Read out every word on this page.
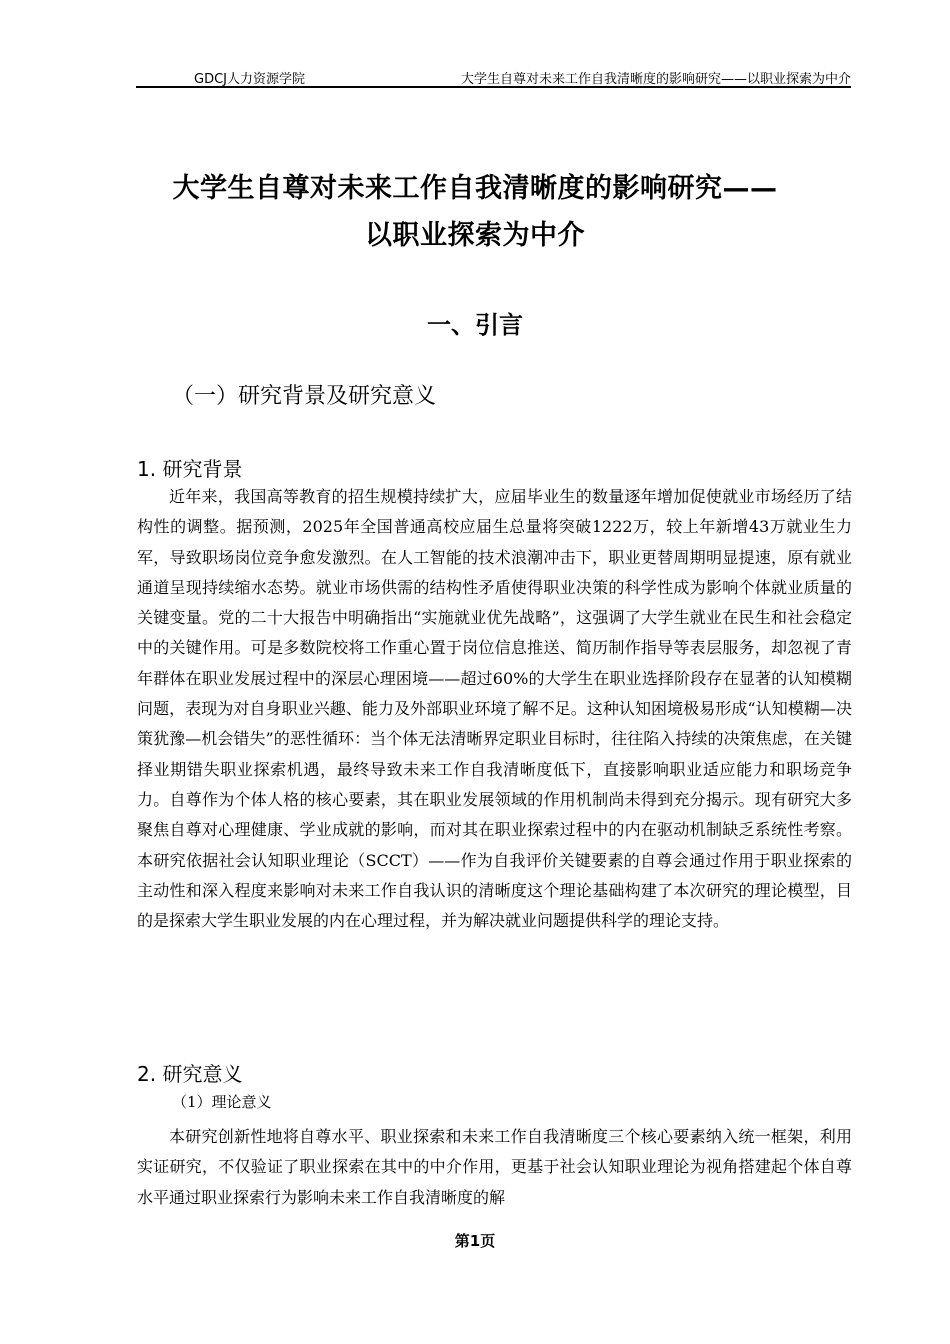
GDCJ人力资源学院	大学生自尊对未来工作自我清晰度的影响研究——以职业探索为中介
大学生自尊对未来工作自我清晰度的影响研究——
以职业探索为中介
一、引言
（一）研究背景及研究意义
1. 研究背景
近年来，我国高等教育的招生规模持续扩大，应届毕业生的数量逐年增加促使就业市场经历了结构性的调整。据预测，2025年全国普通高校应届生总量将突破1222万，较上年新增43万就业生力军，导致职场岗位竞争愈发激烈。在人工智能的技术浪潮冲击下，职业更替周期明显提速，原有就业通道呈现持续缩水态势。就业市场供需的结构性矛盾使得职业决策的科学性成为影响个体就业质量的关键变量。党的二十大报告中明确指出“实施就业优先战略”，这强调了大学生就业在民生和社会稳定中的关键作用。可是多数院校将工作重心置于岗位信息推送、简历制作指导等表层服务，却忽视了青年群体在职业发展过程中的深层心理困境——超过60%的大学生在职业选择阶段存在显著的认知模糊问题，表现为对自身职业兴趣、能力及外部职业环境了解不足。这种认知困境极易形成“认知模糊—决策犹豫—机会错失”的恶性循环：当个体无法清晰界定职业目标时，往往陷入持续的决策焦虑，在关键择业期错失职业探索机遇，最终导致未来工作自我清晰度低下，直接影响职业适应能力和职场竞争力。自尊作为个体人格的核心要素，其在职业发展领域的作用机制尚未得到充分揭示。现有研究大多聚焦自尊对心理健康、学业成就的影响，而对其在职业探索过程中的内在驱动机制缺乏系统性考察。本研究依据社会认知职业理论（SCCT）——作为自我评价关键要素的自尊会通过作用于职业探索的主动性和深入程度来影响对未来工作自我认识的清晰度这个理论基础构建了本次研究的理论模型，目的是探索大学生职业发展的内在心理过程，并为解决就业问题提供科学的理论支持。
2. 研究意义
（1）理论意义
本研究创新性地将自尊水平、职业探索和未来工作自我清晰度三个核心要素纳入统一框架，利用实证研究，不仅验证了职业探索在其中的中介作用，更基于社会认知职业理论为视角搭建起个体自尊水平通过职业探索行为影响未来工作自我清晰度的解
第1页
